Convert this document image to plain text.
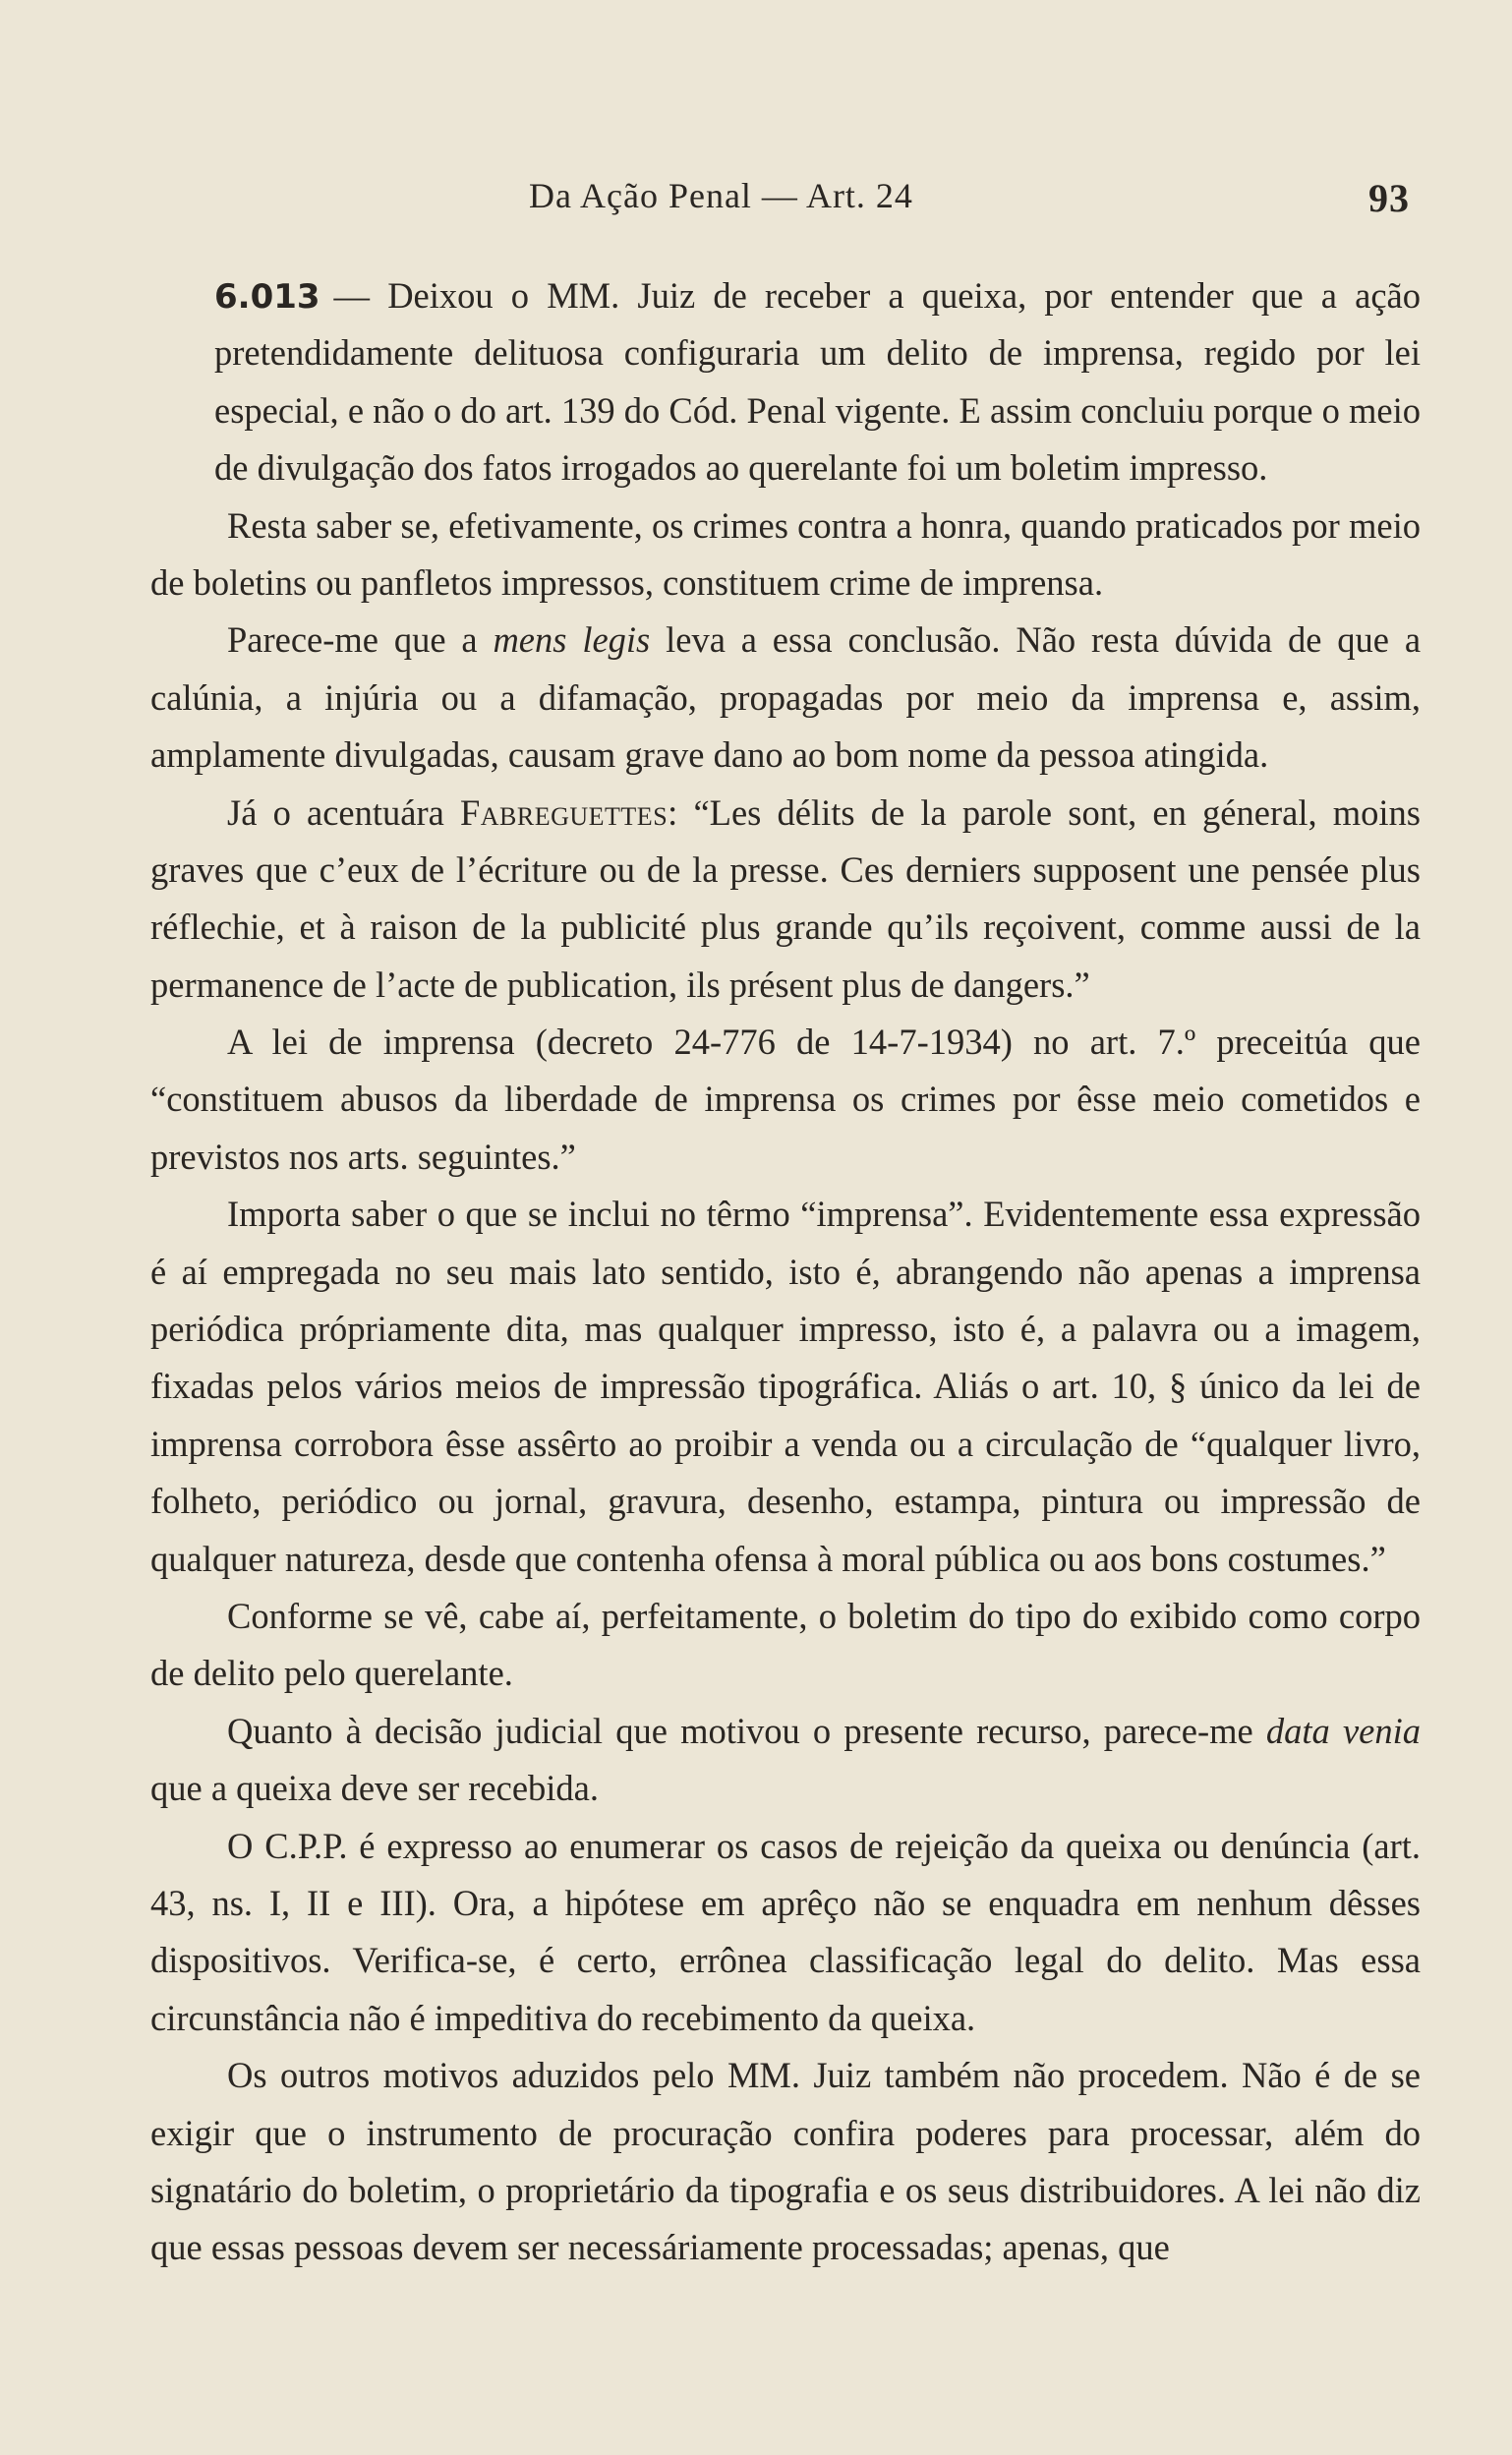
Da Ação Penal — Art. 24	93

6.013 — Deixou o MM. Juiz de receber a queixa, por entender que a ação pretendidamente delituosa configuraria um delito de imprensa, regido por lei especial, e não o do art. 139 do Cód. Penal vigente. E assim concluiu porque o meio de divulgação dos fatos irrogados ao querelante foi um boletim impresso.

Resta saber se, efetivamente, os crimes contra a honra, quando praticados por meio de boletins ou panfletos impressos, constituem crime de imprensa.

Parece-me que a mens legis leva a essa conclusão. Não resta dúvida de que a calúnia, a injúria ou a difamação, propagadas por meio da imprensa e, assim, amplamente divulgadas, causam grave dano ao bom nome da pessoa atingida.

Já o acentuára Fabreguettes: “Les délits de la parole sont, en géneral, moins graves que c’eux de l’écriture ou de la presse. Ces derniers supposent une pensée plus réflechie, et à raison de la publicité plus grande qu’ils reçoivent, comme aussi de la permanence de l’acte de publication, ils présent plus de dangers.”

A lei de imprensa (decreto 24-776 de 14-7-1934) no art. 7.º preceitúa que “constituem abusos da liberdade de imprensa os crimes por êsse meio cometidos e previstos nos arts. seguintes.”

Importa saber o que se inclui no têrmo “imprensa”. Evidentemente essa expressão é aí empregada no seu mais lato sentido, isto é, abrangendo não apenas a imprensa periódica própriamente dita, mas qualquer impresso, isto é, a palavra ou a imagem, fixadas pelos vários meios de impressão tipográfica. Aliás o art. 10, § único da lei de imprensa corrobora êsse assêrto ao proibir a venda ou a circulação de “qualquer livro, folheto, periódico ou jornal, gravura, desenho, estampa, pintura ou impressão de qualquer natureza, desde que contenha ofensa à moral pública ou aos bons costumes.”

Conforme se vê, cabe aí, perfeitamente, o boletim do tipo do exibido como corpo de delito pelo querelante.

Quanto à decisão judicial que motivou o presente recurso, parece-me data venia que a queixa deve ser recebida.

O C.P.P. é expresso ao enumerar os casos de rejeição da queixa ou denúncia (art. 43, ns. I, II e III). Ora, a hipótese em aprêço não se enquadra em nenhum dêsses dispositivos. Verifica-se, é certo, errônea classificação legal do delito. Mas essa circunstância não é impeditiva do recebimento da queixa.

Os outros motivos aduzidos pelo MM. Juiz também não procedem. Não é de se exigir que o instrumento de procuração confira poderes para processar, além do signatário do boletim, o proprietário da tipografia e os seus distribuidores. A lei não diz que essas pessoas devem ser necessáriamente processadas; apenas, que
